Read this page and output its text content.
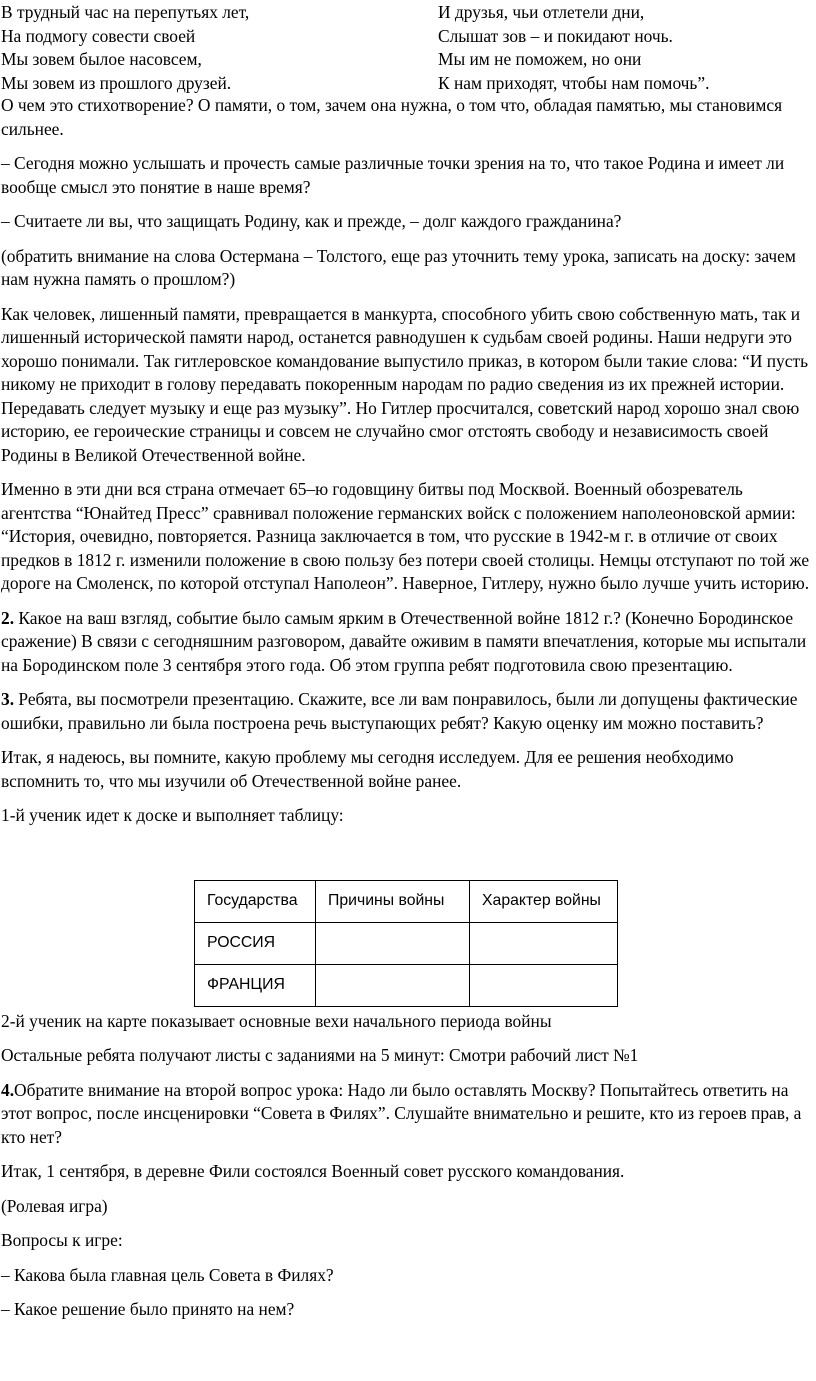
В трудный час на перепутьях лет,
На подмогу совести своей
Мы зовем былое насовсем,
Мы зовем из прошлого друзей.
И друзья, чьи отлетели дни,
Слышат зов – и покидают ночь.
Мы им не поможем, но они
К нам приходят, чтобы нам помочь”.

О чем это стихотворение? О памяти, о том, зачем она нужна, о том что, обладая памятью, мы становимся сильнее.

– Сегодня можно услышать и прочесть самые различные точки зрения на то, что такое Родина и имеет ли вообще смысл это понятие в наше время?

– Считаете ли вы, что защищать Родину, как и прежде, – долг каждого гражданина?

(обратить внимание на слова Остермана – Толстого, еще раз уточнить тему урока, записать на доску: зачем нам нужна память о прошлом?)

Как человек, лишенный памяти, превращается в манкурта, способного убить свою собственную мать, так и лишенный исторической памяти народ, останется равнодушен к судьбам своей родины. Наши недруги это хорошо понимали. Так гитлеровское командование выпустило приказ, в котором были такие слова: “И пусть никому не приходит в голову передавать покоренным народам по радио сведения из их прежней истории. Передавать следует музыку и еще раз музыку”. Но Гитлер просчитался, советский народ хорошо знал свою историю, ее героические страницы и совсем не случайно смог отстоять свободу и независимость своей Родины в Великой Отечественной войне.

Именно в эти дни вся страна отмечает 65–ю годовщину битвы под Москвой. Военный обозреватель агентства “Юнайтед Пресс” сравнивал положение германских войск с положением наполеоновской армии: “История, очевидно, повторяется. Разница заключается в том, что русские в 1942-м г. в отличие от своих предков в 1812 г. изменили положение в свою пользу без потери своей столицы. Немцы отступают по той же дороге на Смоленск, по которой отступал Наполеон”. Наверное, Гитлеру, нужно было лучше учить историю.

2. Какое на ваш взгляд, событие было самым ярким в Отечественной войне 1812 г.? (Конечно Бородинское сражение) В связи с сегодняшним разговором, давайте оживим в памяти впечатления, которые мы испытали на Бородинском поле 3 сентября этого года. Об этом группа ребят подготовила свою презентацию.

3. Ребята, вы посмотрели презентацию. Скажите, все ли вам понравилось, были ли допущены фактические ошибки, правильно ли была построена речь выступающих ребят? Какую оценку им можно поставить?

Итак, я надеюсь, вы помните, какую проблему мы сегодня исследуем. Для ее решения необходимо вспомнить то, что мы изучили об Отечественной войне ранее.

1-й ученик идет к доске и выполняет таблицу:

Государства	Причины войны	Характер войны
РОССИЯ		
ФРАНЦИЯ		

2-й ученик на карте показывает основные вехи начального периода войны

Остальные ребята получают листы с заданиями на 5 минут: Смотри рабочий лист №1

4.Обратите внимание на второй вопрос урока: Надо ли было оставлять Москву? Попытайтесь ответить на этот вопрос, после инсценировки “Совета в Филях”. Слушайте внимательно и решите, кто из героев прав, а кто нет?

Итак, 1 сентября, в деревне Фили состоялся Военный совет русского командования.

(Ролевая игра)

Вопросы к игре:

– Какова была главная цель Совета в Филях?

– Какое решение было принято на нем?
